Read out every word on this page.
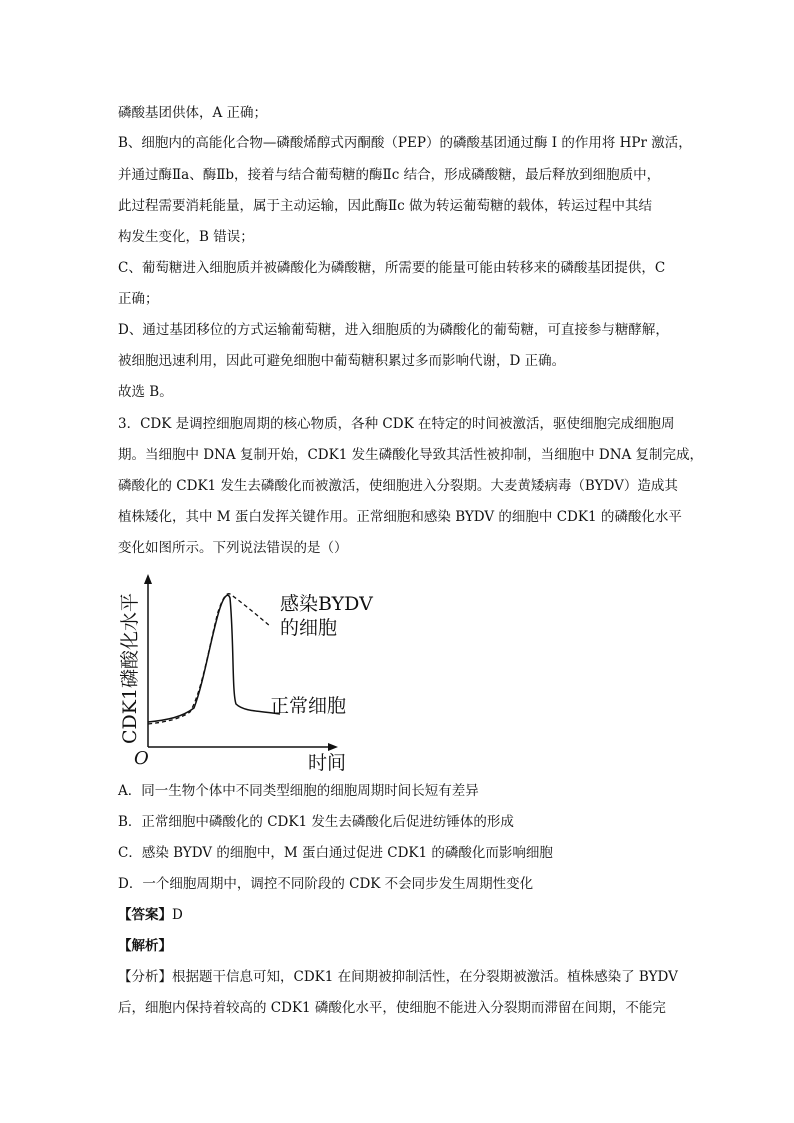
磷酸基团供体，A 正确；
B、细胞内的高能化合物—磷酸烯醇式丙酮酸（PEP）的磷酸基团通过酶 I 的作用将 HPr 激活，
并通过酶Ⅱa、酶Ⅱb，接着与结合葡萄糖的酶Ⅱc 结合，形成磷酸糖，最后释放到细胞质中，
此过程需要消耗能量，属于主动运输，因此酶Ⅱc 做为转运葡萄糖的载体，转运过程中其结
构发生变化，B 错误；
C、葡萄糖进入细胞质并被磷酸化为磷酸糖，所需要的能量可能由转移来的磷酸基团提供，C
正确；
D、通过基团移位的方式运输葡萄糖，进入细胞质的为磷酸化的葡萄糖，可直接参与糖酵解，
被细胞迅速利用，因此可避免细胞中葡萄糖积累过多而影响代谢，D 正确。
故选 B。
3．CDK 是调控细胞周期的核心物质，各种 CDK 在特定的时间被激活，驱使细胞完成细胞周
期。当细胞中 DNA 复制开始，CDK1 发生磷酸化导致其活性被抑制，当细胞中 DNA 复制完成，
磷酸化的 CDK1 发生去磷酸化而被激活，使细胞进入分裂期。大麦黄矮病毒（BYDV）造成其
植株矮化，其中 M 蛋白发挥关键作用。正常细胞和感染 BYDV 的细胞中 CDK1 的磷酸化水平
变化如图所示。下列说法错误的是（）
CDK1磷酸化水平
O	时间
感染BYDV
的细胞
正常细胞
A．同一生物个体中不同类型细胞的细胞周期时间长短有差异
B．正常细胞中磷酸化的 CDK1 发生去磷酸化后促进纺锤体的形成
C．感染 BYDV 的细胞中，M 蛋白通过促进 CDK1 的磷酸化而影响细胞
D．一个细胞周期中，调控不同阶段的 CDK 不会同步发生周期性变化
【答案】D
【解析】
【分析】根据题干信息可知，CDK1 在间期被抑制活性，在分裂期被激活。植株感染了 BYDV
后，细胞内保持着较高的 CDK1 磷酸化水平，使细胞不能进入分裂期而滞留在间期，不能完
